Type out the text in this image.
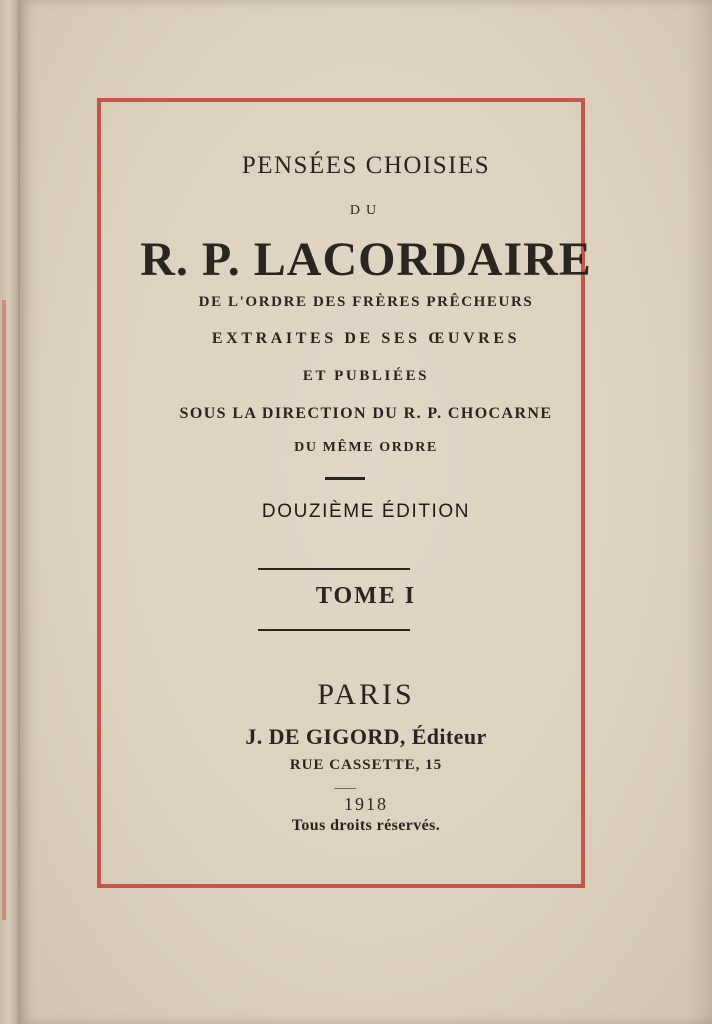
PENSÉES CHOISIES
DU
R. P. LACORDAIRE
DE L'ORDRE DES FRÈRES PRÊCHEURS
EXTRAITES DE SES ŒUVRES
ET PUBLIÉES
SOUS LA DIRECTION DU R. P. CHOCARNE
DU MÊME ORDRE
DOUZIÈME ÉDITION
TOME I
PARIS
J. DE GIGORD, Éditeur
RUE CASSETTE, 15
1918
Tous droits réservés.
